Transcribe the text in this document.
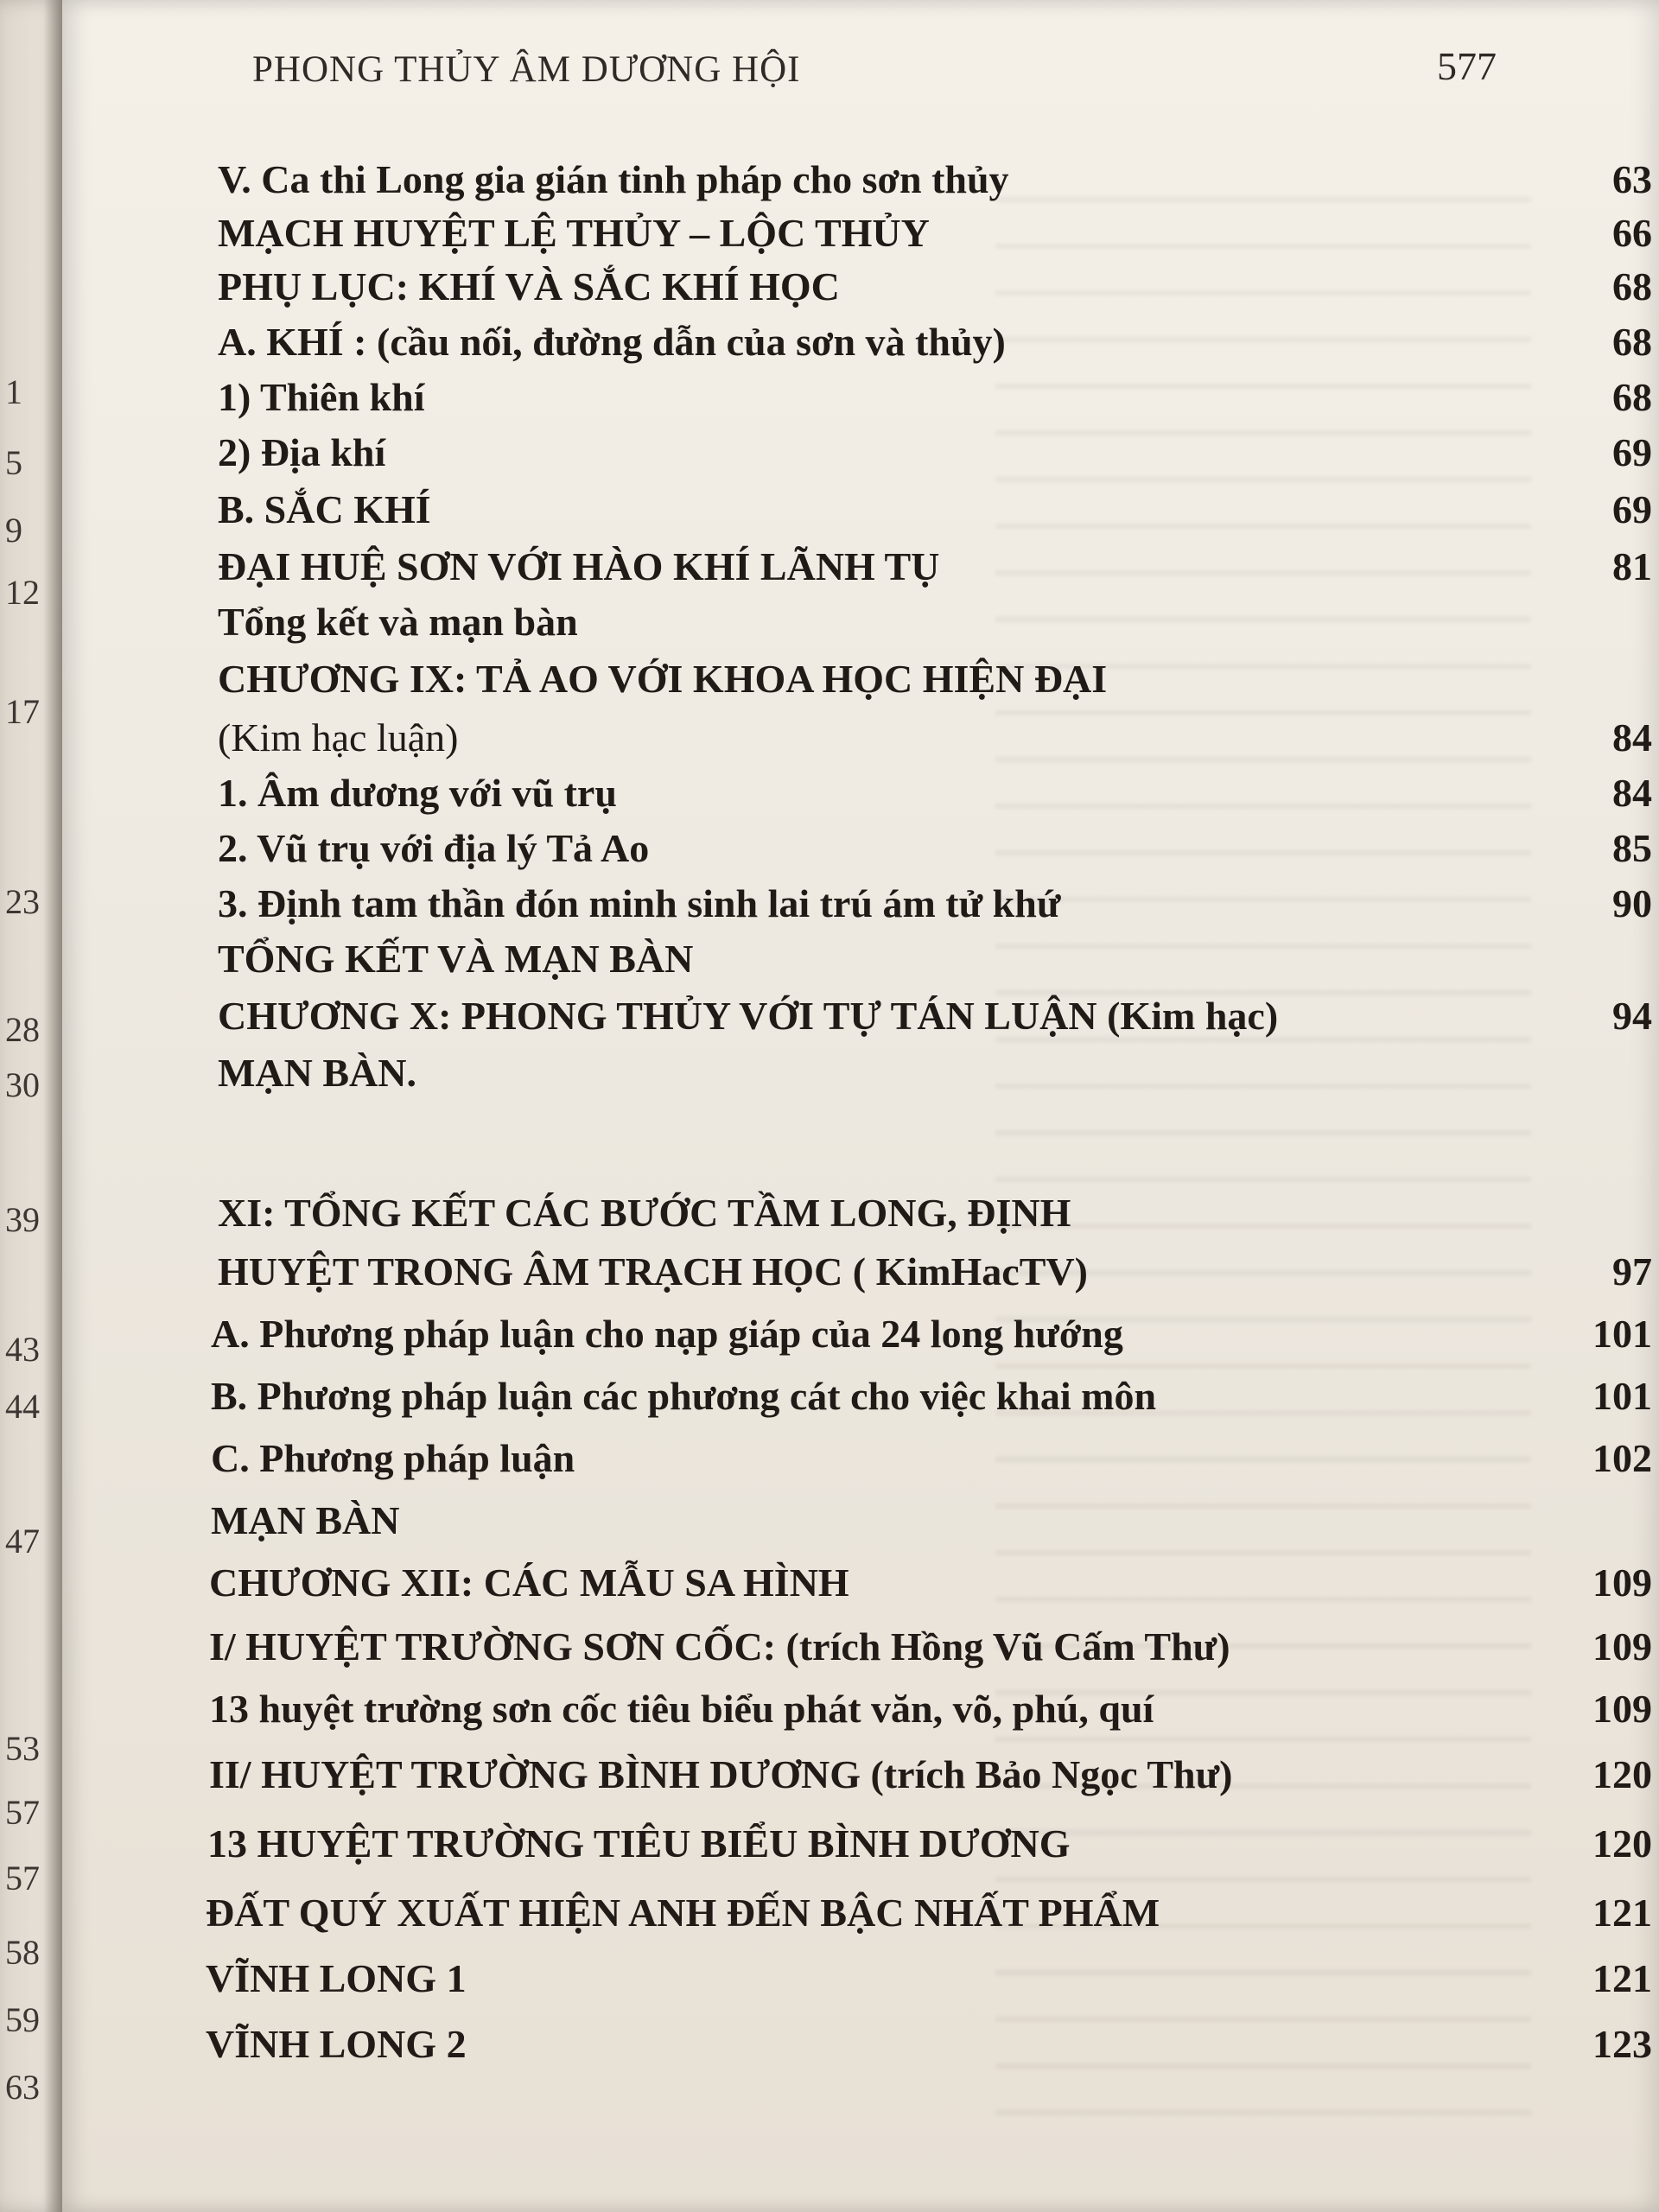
1
5
9
12
17
23
28
30
39
43
44
47
53
57
57
58
59
63
PHONG THỦY ÂM DƯƠNG HỘI	577
V. Ca thi Long gia gián tinh pháp cho sơn thủy	63
MẠCH HUYỆT LỆ THỦY – LỘC THỦY	66
PHỤ LỤC: KHÍ VÀ SẮC KHÍ HỌC	68
A. KHÍ : (cầu nối, đường dẫn của sơn và thủy)	68
1) Thiên khí	68
2) Địa khí	69
B. SẮC KHÍ	69
ĐẠI HUỆ SƠN VỚI HÀO KHÍ LÃNH TỤ	81
Tổng kết và mạn bàn
CHƯƠNG IX: TẢ AO VỚI KHOA HỌC HIỆN ĐẠI
(Kim hạc luận)	84
1. Âm dương với vũ trụ	84
2. Vũ trụ với địa lý Tả Ao	85
3. Định tam thần đón minh sinh lai trú ám tử khứ	90
TỔNG KẾT VÀ MẠN BÀN
CHƯƠNG X: PHONG THỦY VỚI TỰ TÁN LUẬN (Kim hạc)	94
MẠN BÀN.
XI: TỔNG KẾT CÁC BƯỚC TẦM LONG, ĐỊNH
HUYỆT TRONG ÂM TRẠCH HỌC ( KimHacTV)	97
A. Phương pháp luận cho nạp giáp của 24 long hướng	101
B. Phương pháp luận các phương cát cho việc khai môn	101
C. Phương pháp luận	102
MẠN BÀN
CHƯƠNG XII: CÁC MẪU SA HÌNH	109
I/ HUYỆT TRƯỜNG SƠN CỐC: (trích Hồng Vũ Cấm Thư)	109
13 huyệt trường sơn cốc tiêu biểu phát văn, võ, phú, quí	109
II/ HUYỆT TRƯỜNG BÌNH DƯƠNG (trích Bảo Ngọc Thư)	120
13 HUYỆT TRƯỜNG TIÊU BIỂU BÌNH DƯƠNG	120
ĐẤT QUÝ XUẤT HIỆN ANH ĐẾN BẬC NHẤT PHẨM	121
VĨNH LONG 1	121
VĨNH LONG 2	123
